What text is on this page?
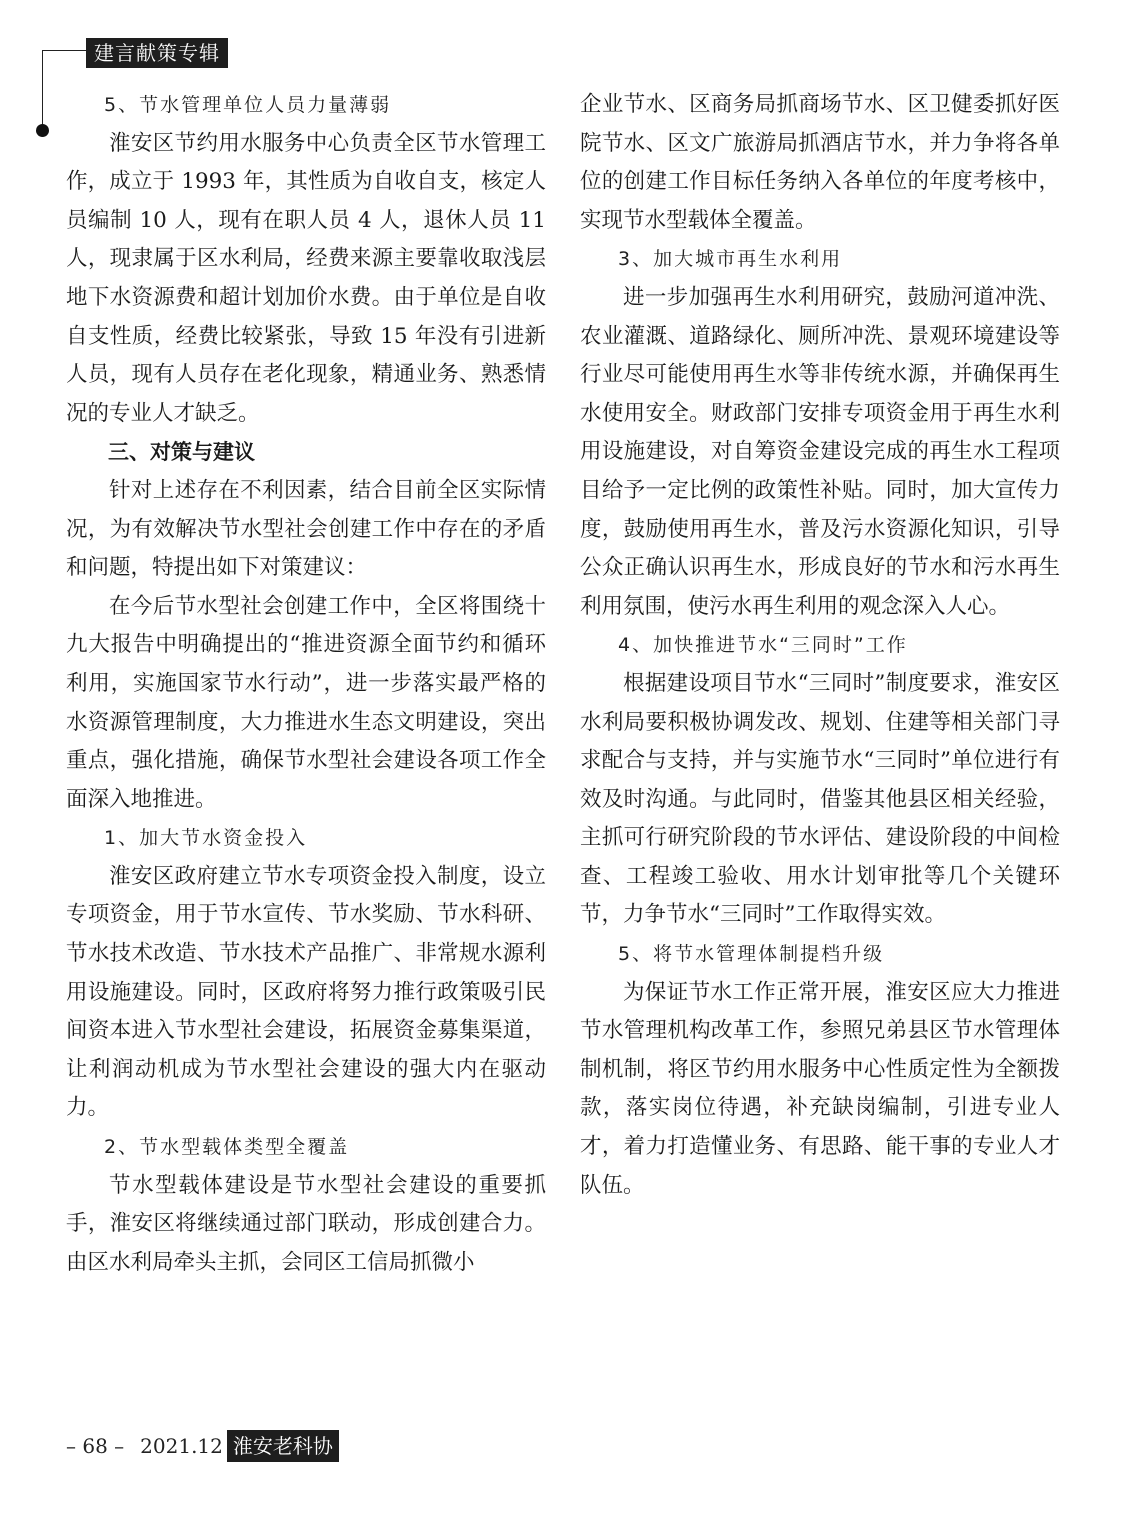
建言献策专辑

5、节水管理单位人员力量薄弱

淮安区节约用水服务中心负责全区节水管理工作，成立于 1993 年，其性质为自收自支，核定人员编制 10 人，现有在职人员 4 人，退休人员 11 人，现隶属于区水利局，经费来源主要靠收取浅层地下水资源费和超计划加价水费。由于单位是自收自支性质，经费比较紧张，导致 15 年没有引进新人员，现有人员存在老化现象，精通业务、熟悉情况的专业人才缺乏。

三、对策与建议

针对上述存在不利因素，结合目前全区实际情况，为有效解决节水型社会创建工作中存在的矛盾和问题，特提出如下对策建议：

在今后节水型社会创建工作中，全区将围绕十九大报告中明确提出的“推进资源全面节约和循环利用，实施国家节水行动”，进一步落实最严格的水资源管理制度，大力推进水生态文明建设，突出重点，强化措施，确保节水型社会建设各项工作全面深入地推进。

1、加大节水资金投入

淮安区政府建立节水专项资金投入制度，设立专项资金，用于节水宣传、节水奖励、节水科研、节水技术改造、节水技术产品推广、非常规水源利用设施建设。同时，区政府将努力推行政策吸引民间资本进入节水型社会建设，拓展资金募集渠道，让利润动机成为节水型社会建设的强大内在驱动力。

2、节水型载体类型全覆盖

节水型载体建设是节水型社会建设的重要抓手，淮安区将继续通过部门联动，形成创建合力。由区水利局牵头主抓，会同区工信局抓微小

企业节水、区商务局抓商场节水、区卫健委抓好医院节水、区文广旅游局抓酒店节水，并力争将各单位的创建工作目标任务纳入各单位的年度考核中，实现节水型载体全覆盖。

3、加大城市再生水利用

进一步加强再生水利用研究，鼓励河道冲洗、农业灌溉、道路绿化、厕所冲洗、景观环境建设等行业尽可能使用再生水等非传统水源，并确保再生水使用安全。财政部门安排专项资金用于再生水利用设施建设，对自筹资金建设完成的再生水工程项目给予一定比例的政策性补贴。同时，加大宣传力度，鼓励使用再生水，普及污水资源化知识，引导公众正确认识再生水，形成良好的节水和污水再生利用氛围，使污水再生利用的观念深入人心。

4、加快推进节水“三同时”工作

根据建设项目节水“三同时”制度要求，淮安区水利局要积极协调发改、规划、住建等相关部门寻求配合与支持，并与实施节水“三同时”单位进行有效及时沟通。与此同时，借鉴其他县区相关经验，主抓可行研究阶段的节水评估、建设阶段的中间检查、工程竣工验收、用水计划审批等几个关键环节，力争节水“三同时”工作取得实效。

5、将节水管理体制提档升级

为保证节水工作正常开展，淮安区应大力推进节水管理机构改革工作，参照兄弟县区节水管理体制机制，将区节约用水服务中心性质定性为全额拨款，落实岗位待遇，补充缺岗编制，引进专业人才，着力打造懂业务、有思路、能干事的专业人才队伍。

– 68 – 2021.12 淮安老科协
